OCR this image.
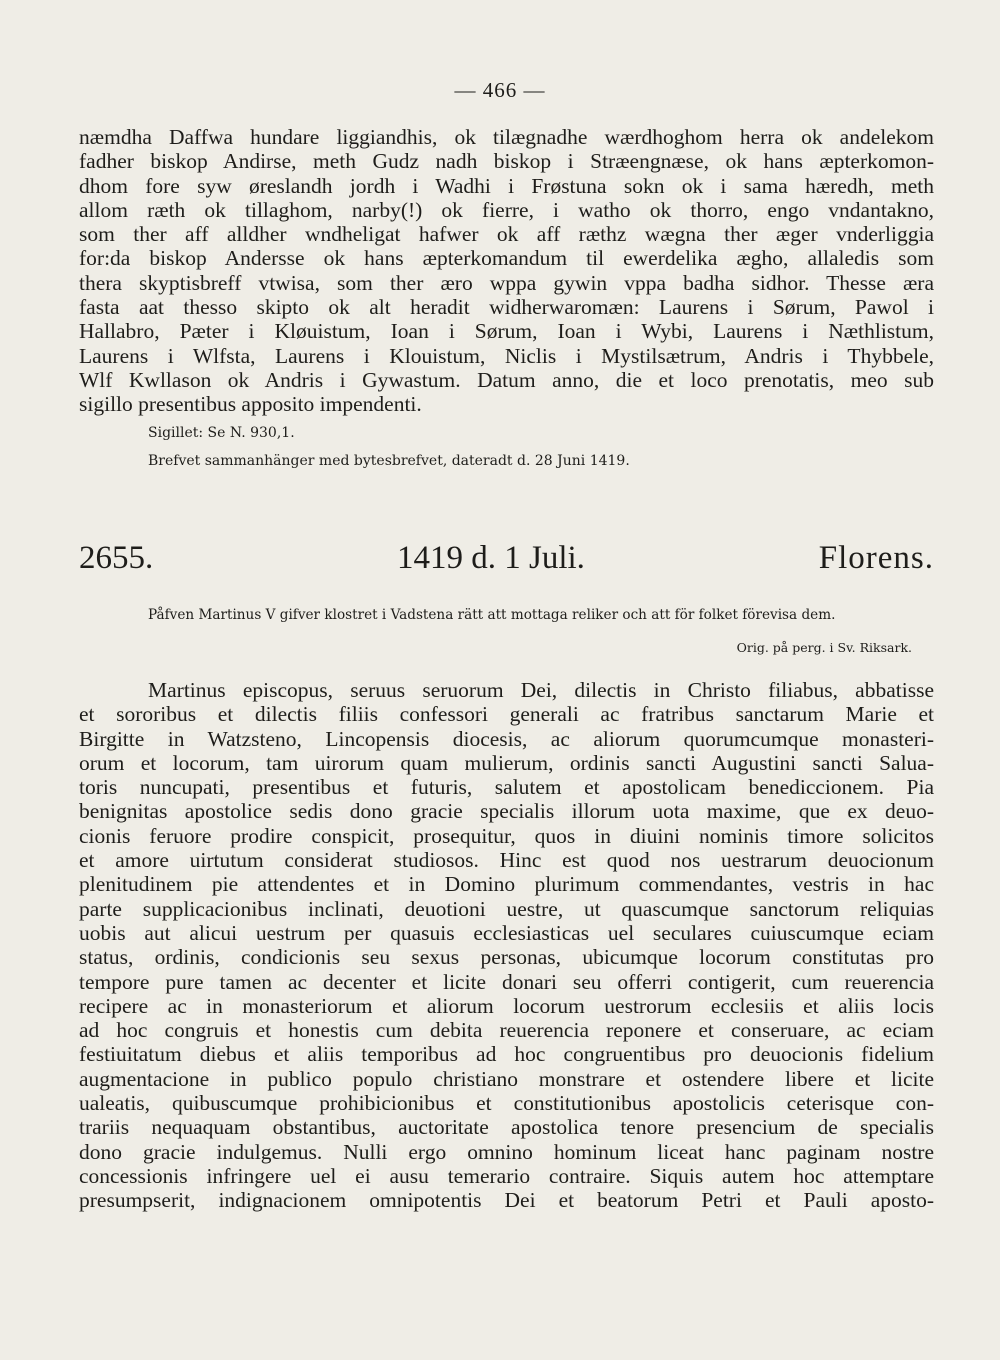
— 466 —
næmdha Daffwa hundare liggiandhis, ok tilægnadhe wærdhoghom herra ok andelekom
fadher biskop Andirse, meth Gudz nadh biskop i Stræengnæse, ok hans æpterkomon-
dhom fore syw øreslandh jordh i Wadhi i Frøstuna sokn ok i sama hæredh, meth
allom ræth ok tillaghom, narby(!) ok fierre, i watho ok thorro, engo vndantakno,
som ther aff alldher wndheligat hafwer ok aff ræthz wægna ther æger vnderliggia
for:da biskop Andersse ok hans æpterkomandum til ewerdelika ægho, allaledis som
thera skyptisbreff vtwisa, som ther æro wppa gywin vppa badha sidhor. Thesse æra
fasta aat thesso skipto ok alt heradit widherwaromæn: Laurens i Sørum, Pawol i
Hallabro, Pæter i Kløuistum, Ioan i Sørum, Ioan i Wybi, Laurens i Næthlistum,
Laurens i Wlfsta, Laurens i Klouistum, Niclis i Mystilsætrum, Andris i Thybbele,
Wlf Kwllason ok Andris i Gywastum. Datum anno, die et loco prenotatis, meo sub
sigillo presentibus apposito impendenti.
Sigillet: Se N. 930,1.
Brefvet sammanhänger med bytesbrefvet, dateradt d. 28 Juni 1419.
2655.	1419 d. 1 Juli.	Florens.
Påfven Martinus V gifver klostret i Vadstena rätt att mottaga reliker och att för folket förevisa dem.
Orig. på perg. i Sv. Riksark.
Martinus episcopus, seruus seruorum Dei, dilectis in Christo filiabus, abbatisse
et sororibus et dilectis filiis confessori generali ac fratribus sanctarum Marie et
Birgitte in Watzsteno, Lincopensis diocesis, ac aliorum quorumcumque monasteri-
orum et locorum, tam uirorum quam mulierum, ordinis sancti Augustini sancti Salua-
toris nuncupati, presentibus et futuris, salutem et apostolicam benediccionem. Pia
benignitas apostolice sedis dono gracie specialis illorum uota maxime, que ex deuo-
cionis feruore prodire conspicit, prosequitur, quos in diuini nominis timore solicitos
et amore uirtutum considerat studiosos. Hinc est quod nos uestrarum deuocionum
plenitudinem pie attendentes et in Domino plurimum commendantes, vestris in hac
parte supplicacionibus inclinati, deuotioni uestre, ut quascumque sanctorum reliquias
uobis aut alicui uestrum per quasuis ecclesiasticas uel seculares cuiuscumque eciam
status, ordinis, condicionis seu sexus personas, ubicumque locorum constitutas pro
tempore pure tamen ac decenter et licite donari seu offerri contigerit, cum reuerencia
recipere ac in monasteriorum et aliorum locorum uestrorum ecclesiis et aliis locis
ad hoc congruis et honestis cum debita reuerencia reponere et conseruare, ac eciam
festiuitatum diebus et aliis temporibus ad hoc congruentibus pro deuocionis fidelium
augmentacione in publico populo christiano monstrare et ostendere libere et licite
ualeatis, quibuscumque prohibicionibus et constitutionibus apostolicis ceterisque con-
trariis nequaquam obstantibus, auctoritate apostolica tenore presencium de specialis
dono gracie indulgemus. Nulli ergo omnino hominum liceat hanc paginam nostre
concessionis infringere uel ei ausu temerario contraire. Siquis autem hoc attemptare
presumpserit, indignacionem omnipotentis Dei et beatorum Petri et Pauli aposto-
